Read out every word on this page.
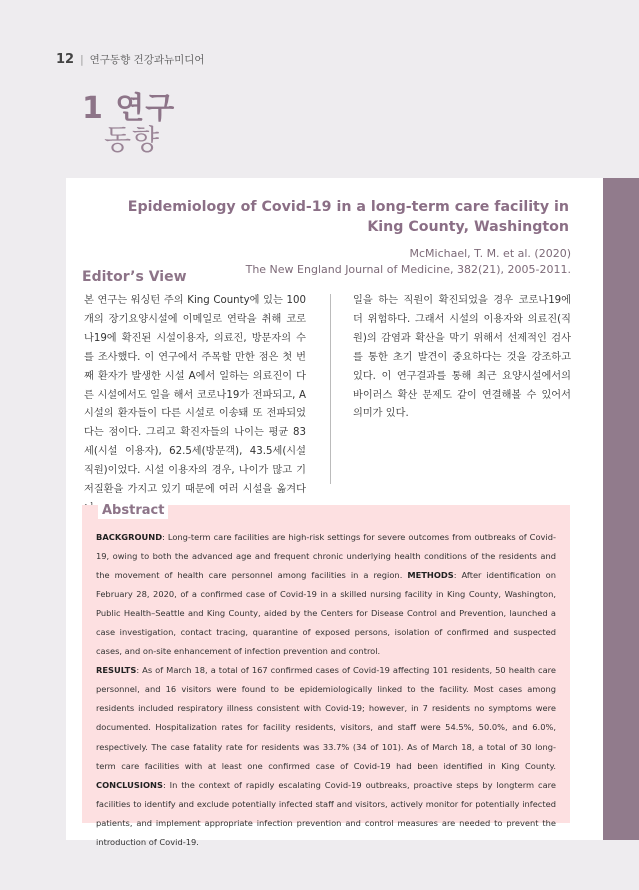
12 | 연구동향 건강과뉴미디어
1 연구
동향
Epidemiology of Covid-19 in a long-term care facility in King County, Washington
McMichael, T. M. et al. (2020)
The New England Journal of Medicine, 382(21), 2005-2011.
Editor’s View
본 연구는 워싱턴 주의 King County에 있는 100개의 장기요양시설에 이메일로 연락을 취해 코로나19에 확진된 시설이용자, 의료진, 방문자의 수를 조사했다. 이 연구에서 주목할 만한 점은 첫 번째 환자가 발생한 시설 A에서 일하는 의료진이 다른 시설에서도 일을 해서 코로나19가 전파되고, A 시설의 환자들이 다른 시설로 이송돼 또 전파되었다는 점이다. 그리고 확진자들의 나이는 평균 83세(시설 이용자), 62.5세(방문객), 43.5세(시설 직원)이었다. 시설 이용자의 경우, 나이가 많고 기저질환을 가지고 있기 때문에 여러 시설을 옮겨다
일을 하는 직원이 확진되었을 경우 코로나19에 더 위험하다. 그래서 시설의 이용자와 의료진(직원)의 감염과 확산을 막기 위해서 선제적인 검사를 통한 초기 발견이 중요하다는 것을 강조하고 있다. 이 연구결과를 통해 최근 요양시설에서의 바이러스 확산 문제도 같이 연결해볼 수 있어서 의미가 있다.
Abstract
BACKGROUND: Long-term care facilities are high-risk settings for severe outcomes from outbreaks of Covid-19, owing to both the advanced age and frequent chronic underlying health conditions of the residents and the movement of health care personnel among facilities in a region. METHODS: After identification on February 28, 2020, of a confirmed case of Covid-19 in a skilled nursing facility in King County, Washington, Public Health–Seattle and King County, aided by the Centers for Disease Control and Prevention, launched a case investigation, contact tracing, quarantine of exposed persons, isolation of confirmed and suspected cases, and on-site enhancement of infection prevention and control.
RESULTS: As of March 18, a total of 167 confirmed cases of Covid-19 affecting 101 residents, 50 health care personnel, and 16 visitors were found to be epidemiologically linked to the facility. Most cases among residents included respiratory illness consistent with Covid-19; however, in 7 residents no symptoms were documented. Hospitalization rates for facility residents, visitors, and staff were 54.5%, 50.0%, and 6.0%, respectively. The case fatality rate for residents was 33.7% (34 of 101). As of March 18, a total of 30 long-term care facilities with at least one confirmed case of Covid-19 had been identified in King County. CONCLUSIONS: In the context of rapidly escalating Covid-19 outbreaks, proactive steps by longterm care facilities to identify and exclude potentially infected staff and visitors, actively monitor for potentially infected patients, and implement appropriate infection prevention and control measures are needed to prevent the introduction of Covid-19.
